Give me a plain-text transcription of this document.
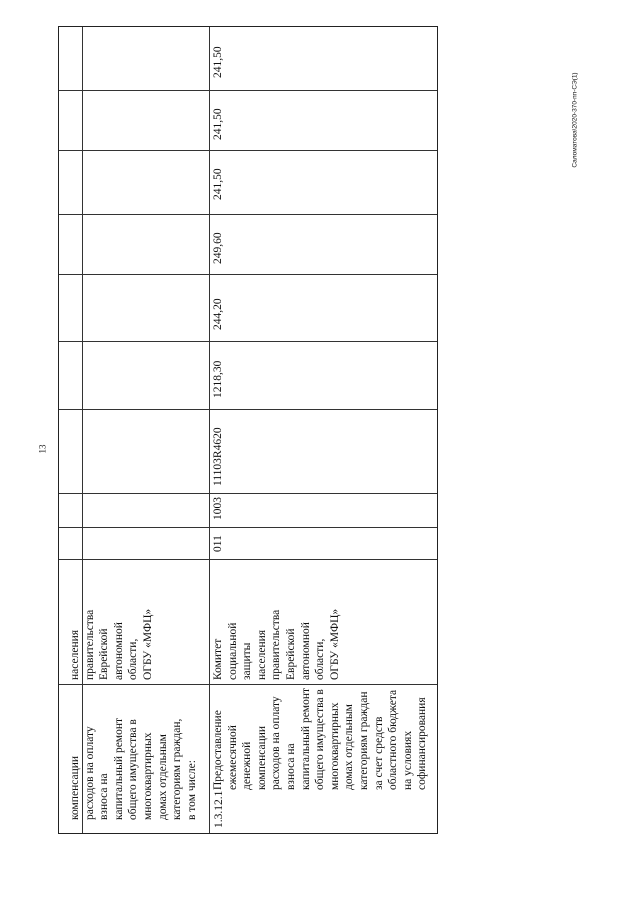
13
Саломатова\2020-370-пп-СЭ(1)
компенсации расходов на оплату взноса на капитальный ремонт общего имущества в многоквартирных домах отдельным категориям граждан, в том числе:
населения правительства Еврейской автономной области, ОГБУ «МФЦ»
1.3.12.1
Предоставление ежемесячной денежной компенсации расходов на оплату взноса на капитальный ремонт общего имущества в многоквартирных домах отдельным категориям граждан за счет средств областного бюджета на условиях софинансирования
Комитет социальной защиты населения правительства Еврейской автономной области, ОГБУ «МФЦ»
011
1003
11103R4620
1218,30
244,20
249,60
241,50
241,50
241,50
